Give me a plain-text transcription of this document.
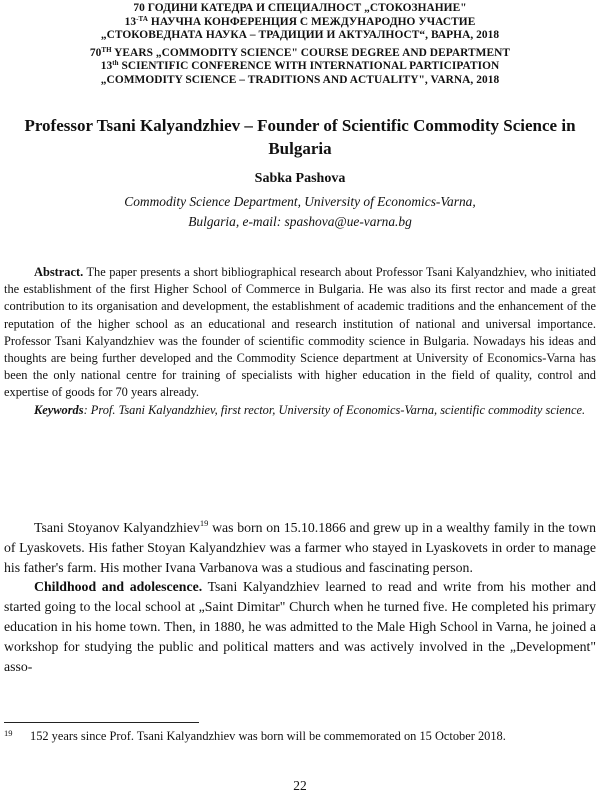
70 ГОДИНИ КАТЕДРА И СПЕЦИАЛНОСТ „СТОКОЗНАНИЕ"
$13^{-ТА}$ НАУЧНА КОНФЕРЕНЦИЯ С МЕЖДУНАРОДНО УЧАСТИЕ
„СТОКОВЕДНАТА НАУКА – ТРАДИЦИИ И АКТУАЛНОСТ“, ВАРНА, 2018
70TH YEARS „COMMODITY SCIENCE" COURSE DEGREE AND DEPARTMENT
13th SCIENTIFIC CONFERENCE WITH INTERNATIONAL PARTICIPATION
„COMMODITY SCIENCE – TRADITIONS AND ACTUALITY", VARNA, 2018
Professor Tsani Kalyandzhiev – Founder of Scientific Commodity Science in Bulgaria
Sabka Pashova
Commodity Science Department, University of Economics-Varna,
Bulgaria, e-mail: spashova@ue-varna.bg

Abstract. The paper presents a short bibliographical research about Professor Tsani Kalyandzhiev, who initiated the establishment of the first Higher School of Commerce in Bulgaria. He was also its first rector and made a great contribution to its organisation and development, the establishment of academic traditions and the enhancement of the reputation of the higher school as an educational and research institution of national and universal importance. Professor Tsani Kalyandzhiev was the founder of scientific commodity science in Bulgaria. Nowadays his ideas and thoughts are being further developed and the Commodity Science department at University of Economics-Varna has been the only national centre for training of specialists with higher education in the field of quality, control and expertise of goods for 70 years already.

Keywords: Prof. Tsani Kalyandzhiev, first rector, University of Economics-Varna, scientific commodity science.

Tsani Stoyanov Kalyandzhiev$^{19}$ was born on 15.10.1866 and grew up in a wealthy family in the town of Lyaskovets. His father Stoyan Kalyandzhiev was a farmer who stayed in Lyaskovets in order to manage his father's farm. His mother Ivana Varbanova was a studious and fascinating person.

Childhood and adolescence. Tsani Kalyandzhiev learned to read and write from his mother and started going to the local school at „Saint Dimitar" Church when he turned five. He completed his primary education in his home town. Then, in 1880, he was admitted to the Male High School in Varna, he joined a workshop for studying the public and political matters and was actively involved in the „Development" asso-

19	152 years since Prof. Tsani Kalyandzhiev was born will be commemorated on 15 October 2018.
22
